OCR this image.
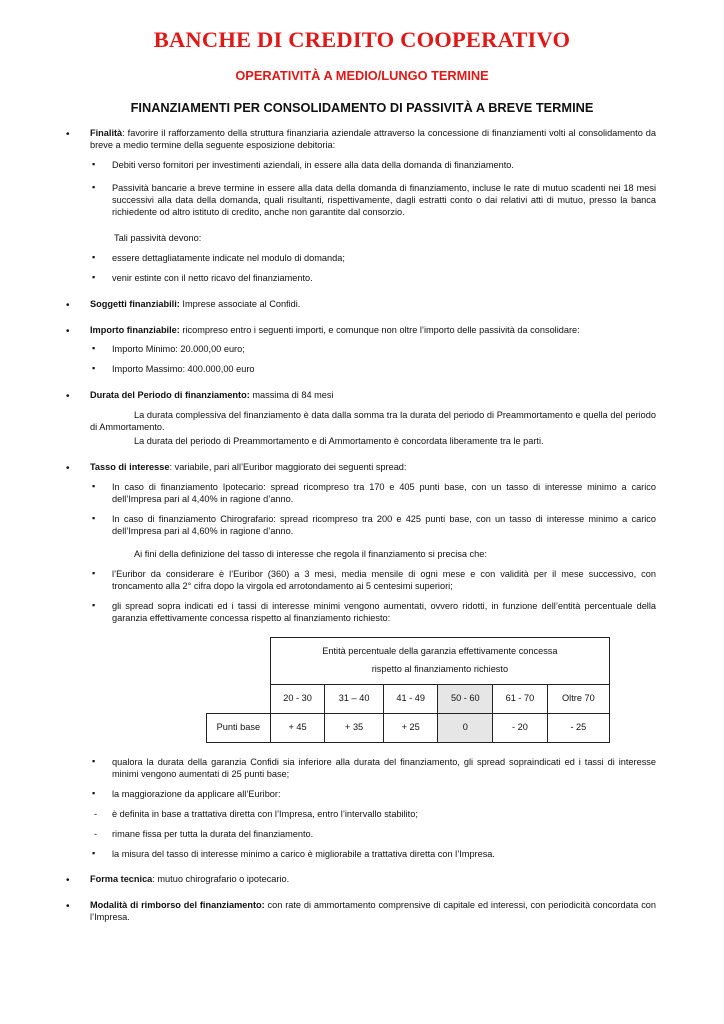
BANCHE DI CREDITO COOPERATIVO
OPERATIVITÀ A MEDIO/LUNGO TERMINE
FINANZIAMENTI PER CONSOLIDAMENTO DI PASSIVITÀ A BREVE TERMINE
• Finalità: favorire il rafforzamento della struttura finanziaria aziendale attraverso la concessione di finanziamenti volti al consolidamento da breve a medio termine della seguente esposizione debitoria:
▪ Debiti verso fornitori per investimenti aziendali, in essere alla data della domanda di finanziamento.
▪ Passività bancarie a breve termine in essere alla data della domanda di finanziamento, incluse le rate di mutuo scadenti nei 18 mesi successivi alla data della domanda, quali risultanti, rispettivamente, dagli estratti conto o dai relativi atti di mutuo, presso la banca richiedente od altro istituto di credito, anche non garantite dal consorzio.
Tali passività devono:
▪ essere dettagliatamente indicate nel modulo di domanda;
▪ venir estinte con il netto ricavo del finanziamento.
• Soggetti finanziabili: Imprese associate al Confidi.
• Importo finanziabile: ricompreso entro i seguenti importi, e comunque non oltre l’importo delle passività da consolidare:
▪ Importo Minimo: 20.000,00 euro;
▪ Importo Massimo: 400.000,00 euro
• Durata del Periodo di finanziamento: massima di 84 mesi
La durata complessiva del finanziamento è data dalla somma tra la durata del periodo di Preammortamento e quella del periodo di Ammortamento.
La durata del periodo di Preammortamento e di Ammortamento è concordata liberamente tra le parti.
• Tasso di interesse: variabile, pari all’Euribor maggiorato dei seguenti spread:
▪ In caso di finanziamento Ipotecario: spread ricompreso tra 170 e 405 punti base, con un tasso di interesse minimo a carico dell’Impresa pari al 4,40% in ragione d’anno.
▪ In caso di finanziamento Chirografario: spread ricompreso tra 200 e 425 punti base, con un tasso di interesse minimo a carico dell’Impresa pari al 4,60% in ragione d’anno.
Ai fini della definizione del tasso di interesse che regola il finanziamento si precisa che:
▪ l’Euribor da considerare è l’Euribor (360) a 3 mesi, media mensile di ogni mese e con validità per il mese successivo, con troncamento alla 2° cifra dopo la virgola ed arrotondamento ai 5 centesimi superiori;
▪ gli spread sopra indicati ed i tassi di interesse minimi vengono aumentati, ovvero ridotti, in funzione dell’entità percentuale della garanzia effettivamente concessa rispetto al finanziamento richiesto:

	Entità percentuale della garanzia effettivamente concessa
rispetto al finanziamento richiesto					

	20 - 30	31 – 40	41 - 49	50 - 60	61 - 70	Oltre 70
Punti base	+ 45	+ 35	+ 25	0	- 20	- 25
▪ qualora la durata della garanzia Confidi sia inferiore alla durata del finanziamento, gli spread sopraindicati ed i tassi di interesse minimi vengono aumentati di 25 punti base;
▪ la maggiorazione da applicare all’Euribor:
- è definita in base a trattativa diretta con l’Impresa, entro l’intervallo stabilito;
- rimane fissa per tutta la durata del finanziamento.
▪ la misura del tasso di interesse minimo a carico è migliorabile a trattativa diretta con l’Impresa.
• Forma tecnica: mutuo chirografario o ipotecario.
• Modalità di rimborso del finanziamento: con rate di ammortamento comprensive di capitale ed interessi, con periodicità concordata con l’Impresa.
